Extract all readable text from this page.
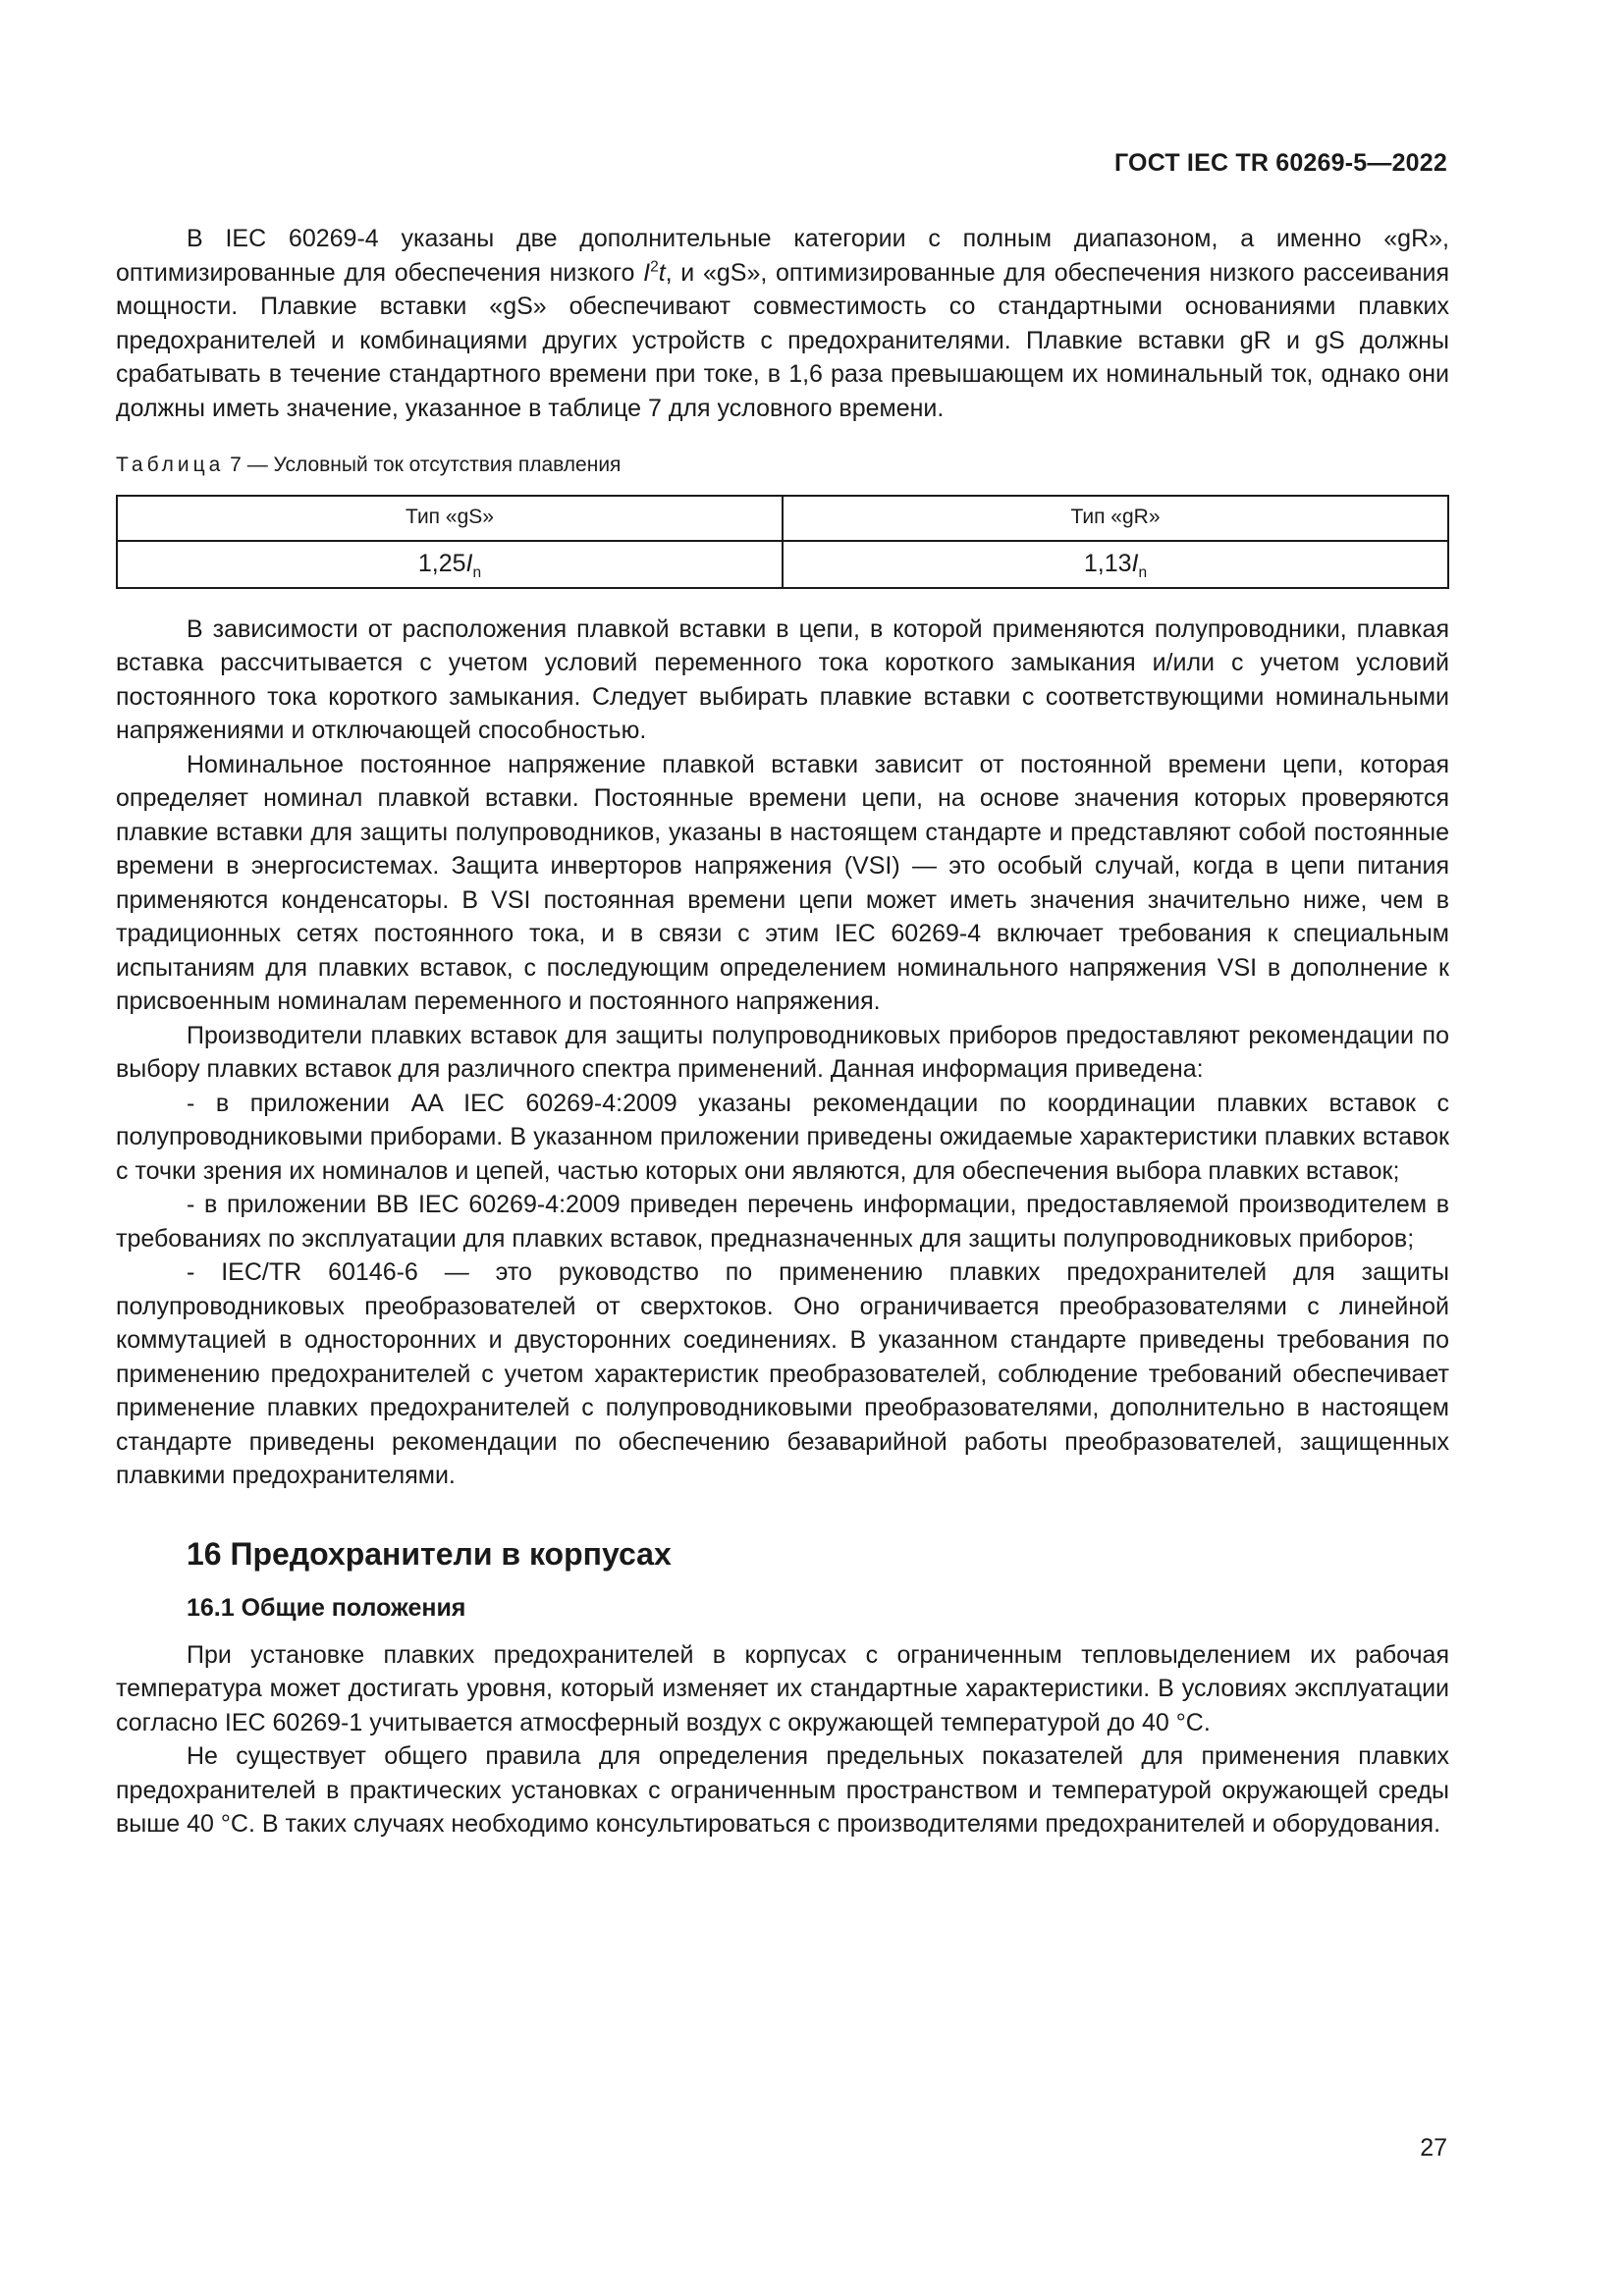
ГОСТ IEC TR 60269-5—2022

В IEC 60269-4 указаны две дополнительные категории с полным диапазоном, а именно «gR», оптимизированные для обеспечения низкого $I^2t$, и «gS», оптимизированные для обеспечения низкого рассеивания мощности. Плавкие вставки «gS» обеспечивают совместимость со стандартными основаниями плавких предохранителей и комбинациями других устройств с предохранителями. Плавкие вставки gR и gS должны срабатывать в течение стандартного времени при токе, в 1,6 раза превышающем их номинальный ток, однако они должны иметь значение, указанное в таблице 7 для условного времени.

Таблица 7 — Условный ток отсутствия плавления
Тип «gS»	Тип «gR»
$1,25I_n$	$1,13I_n$

В зависимости от расположения плавкой вставки в цепи, в которой применяются полупроводники, плавкая вставка рассчитывается с учетом условий переменного тока короткого замыкания и/или с учетом условий постоянного тока короткого замыкания. Следует выбирать плавкие вставки с соответствующими номинальными напряжениями и отключающей способностью.

Номинальное постоянное напряжение плавкой вставки зависит от постоянной времени цепи, которая определяет номинал плавкой вставки. Постоянные времени цепи, на основе значения которых проверяются плавкие вставки для защиты полупроводников, указаны в настоящем стандарте и представляют собой постоянные времени в энергосистемах. Защита инверторов напряжения (VSI) — это особый случай, когда в цепи питания применяются конденсаторы. В VSI постоянная времени цепи может иметь значения значительно ниже, чем в традиционных сетях постоянного тока, и в связи с этим IEC 60269-4 включает требования к специальным испытаниям для плавких вставок, с последующим определением номинального напряжения VSI в дополнение к присвоенным номиналам переменного и постоянного напряжения.

Производители плавких вставок для защиты полупроводниковых приборов предоставляют рекомендации по выбору плавких вставок для различного спектра применений. Данная информация приведена:

- в приложении AA IEC 60269-4:2009 указаны рекомендации по координации плавких вставок с полупроводниковыми приборами. В указанном приложении приведены ожидаемые характеристики плавких вставок с точки зрения их номиналов и цепей, частью которых они являются, для обеспечения выбора плавких вставок;

- в приложении BB IEC 60269-4:2009 приведен перечень информации, предоставляемой производителем в требованиях по эксплуатации для плавких вставок, предназначенных для защиты полупроводниковых приборов;

- IEC/TR 60146-6 — это руководство по применению плавких предохранителей для защиты полупроводниковых преобразователей от сверхтоков. Оно ограничивается преобразователями с линейной коммутацией в односторонних и двусторонних соединениях. В указанном стандарте приведены требования по применению предохранителей с учетом характеристик преобразователей, соблюдение требований обеспечивает применение плавких предохранителей с полупроводниковыми преобразователями, дополнительно в настоящем стандарте приведены рекомендации по обеспечению безаварийной работы преобразователей, защищенных плавкими предохранителями.

16 Предохранители в корпусах
16.1 Общие положения

При установке плавких предохранителей в корпусах с ограниченным тепловыделением их рабочая температура может достигать уровня, который изменяет их стандартные характеристики. В условиях эксплуатации согласно IEC 60269-1 учитывается атмосферный воздух с окружающей температурой до 40 °С.

Не существует общего правила для определения предельных показателей для применения плавких предохранителей в практических установках с ограниченным пространством и температурой окружающей среды выше 40 °С. В таких случаях необходимо консультироваться с производителями предохранителей и оборудования.

27
